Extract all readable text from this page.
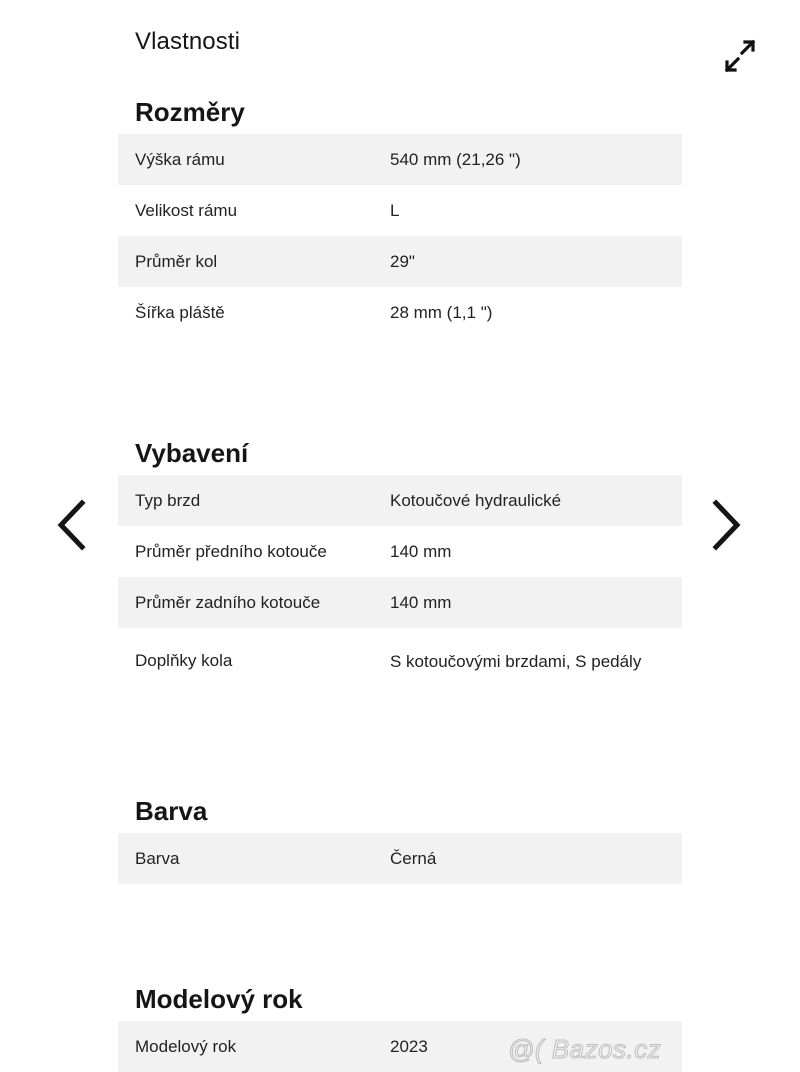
Vlastnosti
Rozměry
Výška rámu	540 mm (21,26 ")
Velikost rámu	L
Průměr kol	29"
Šířka pláště	28 mm (1,1 ")
Vybavení
Typ brzd	Kotoučové hydraulické
Průměr předního kotouče	140 mm
Průměr zadního kotouče	140 mm
Doplňky kola	S kotoučovými brzdami, S pedály
Barva
Barva	Černá
Modelový rok
Modelový rok	2023	@( Bazos.cz
